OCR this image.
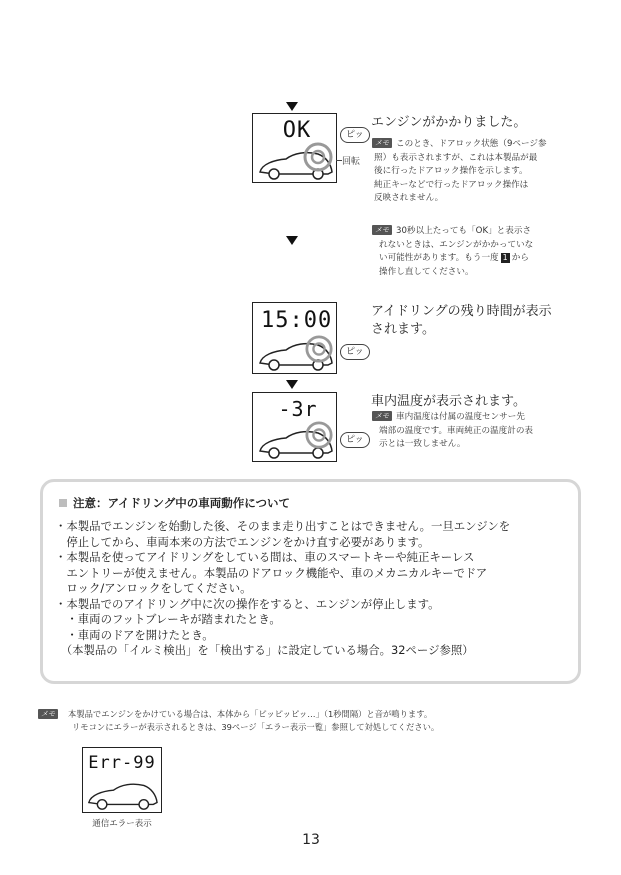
OK	ピッ
回転
エンジンがかかりました。
メモ このとき、ドアロック状態（9ページ参
照）も表示されますが、これは本製品が最
後に行ったドアロック操作を示します。
純正キーなどで行ったドアロック操作は
反映されません。
メモ 30秒以上たっても「OK」と表示さ
れないときは、エンジンがかかっていな
い可能性があります。もう一度 1 から
操作し直してください。
15:00
ピッ
アイドリングの残り時間が表示
されます。
-3r
ピッ
車内温度が表示されます。
メモ 車内温度は付属の温度センサー先
端部の温度です。車両純正の温度計の表
示とは一致しません。
注意：アイドリング中の車両動作について
・本製品でエンジンを始動した後、そのまま走り出すことはできません。一旦エンジンを
　停止してから、車両本来の方法でエンジンをかけ直す必要があります。
・本製品を使ってアイドリングをしている間は、車のスマートキーや純正キーレス
　エントリーが使えません。本製品のドアロック機能や、車のメカニカルキーでドア
　ロック/アンロックをしてください。
・本製品でのアイドリング中に次の操作をすると、エンジンが停止します。
　・車両のフットブレーキが踏まれたとき。
　・車両のドアを開けたとき。
　（本製品の「イルミ検出」を「検出する」に設定している場合。32ページ参照）
メモ 本製品でエンジンをかけている場合は、本体から「ピッピッピッ…」（1秒間隔）と音が鳴ります。
リモコンにエラーが表示されるときは、39ページ「エラー表示一覧」参照して対処してください。
Err-99
通信エラー表示
13
